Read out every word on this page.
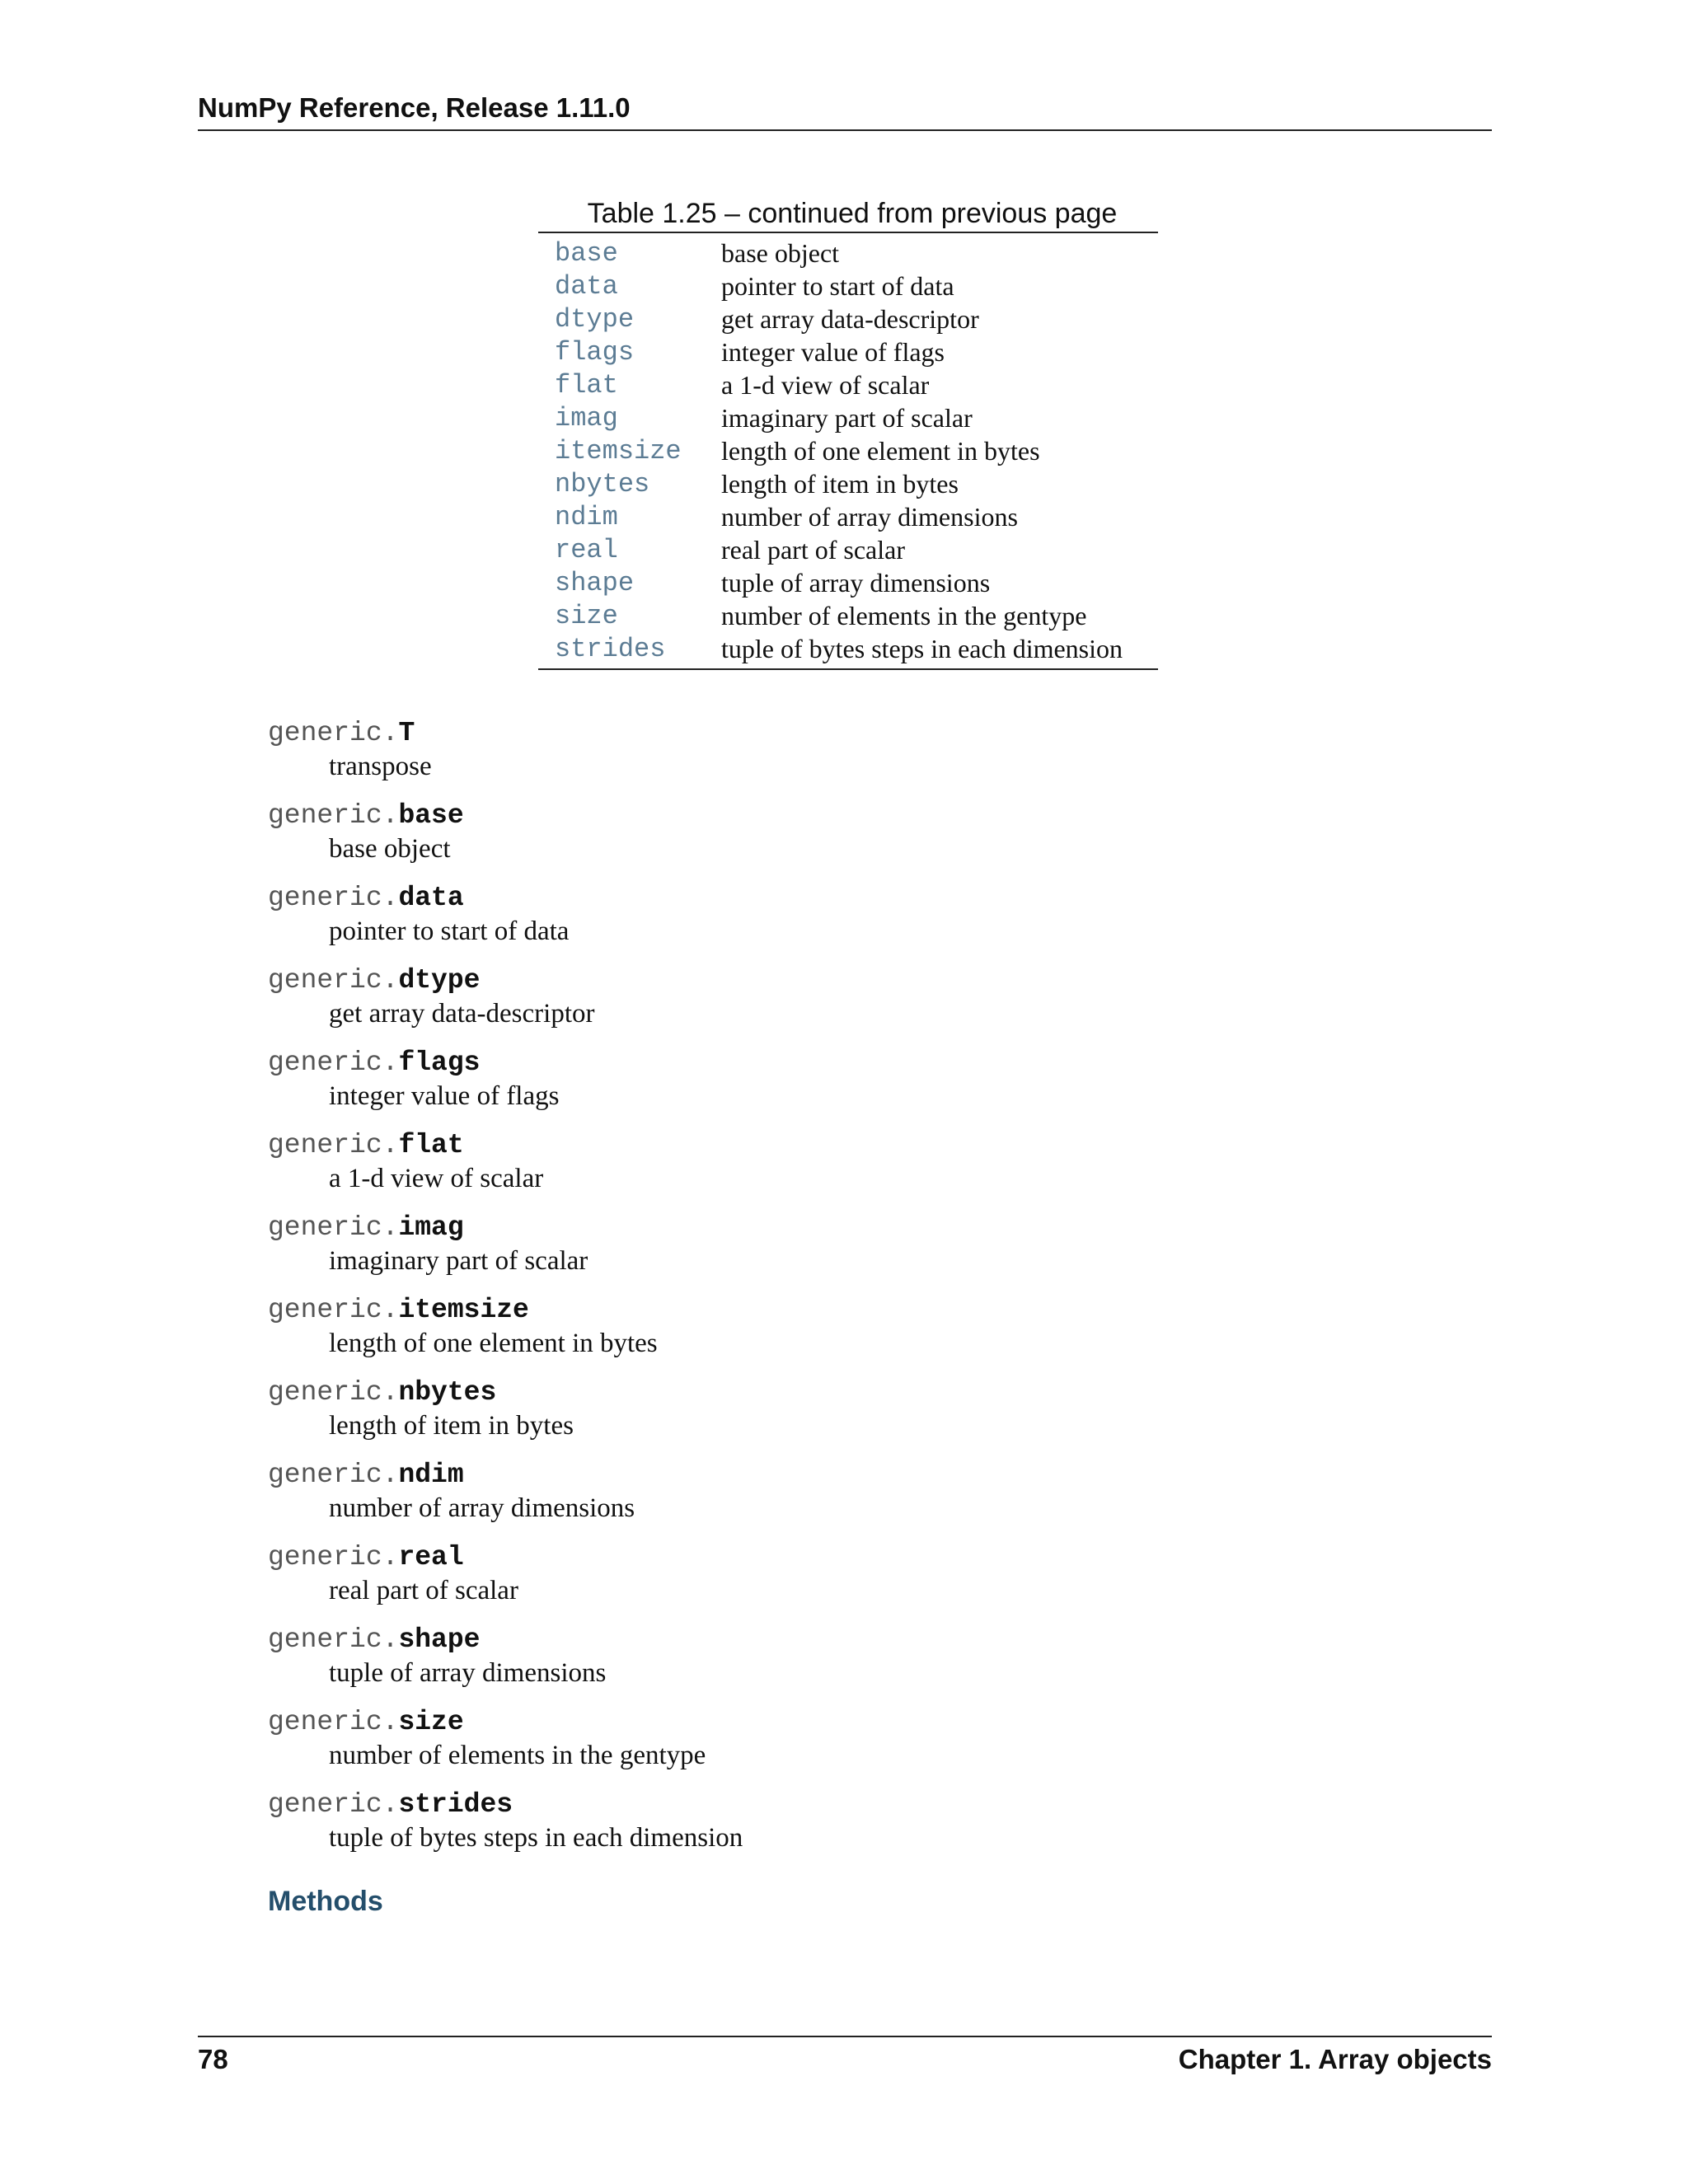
NumPy Reference, Release 1.11.0
Table 1.25 – continued from previous page
base	base object
data	pointer to start of data
dtype	get array data-descriptor
flags	integer value of flags
flat	a 1-d view of scalar
imag	imaginary part of scalar
itemsize	length of one element in bytes
nbytes	length of item in bytes
ndim	number of array dimensions
real	real part of scalar
shape	tuple of array dimensions
size	number of elements in the gentype
strides	tuple of bytes steps in each dimension
generic.T
transpose
generic.base
base object
generic.data
pointer to start of data
generic.dtype
get array data-descriptor
generic.flags
integer value of flags
generic.flat
a 1-d view of scalar
generic.imag
imaginary part of scalar
generic.itemsize
length of one element in bytes
generic.nbytes
length of item in bytes
generic.ndim
number of array dimensions
generic.real
real part of scalar
generic.shape
tuple of array dimensions
generic.size
number of elements in the gentype
generic.strides
tuple of bytes steps in each dimension
Methods
78	Chapter 1. Array objects
